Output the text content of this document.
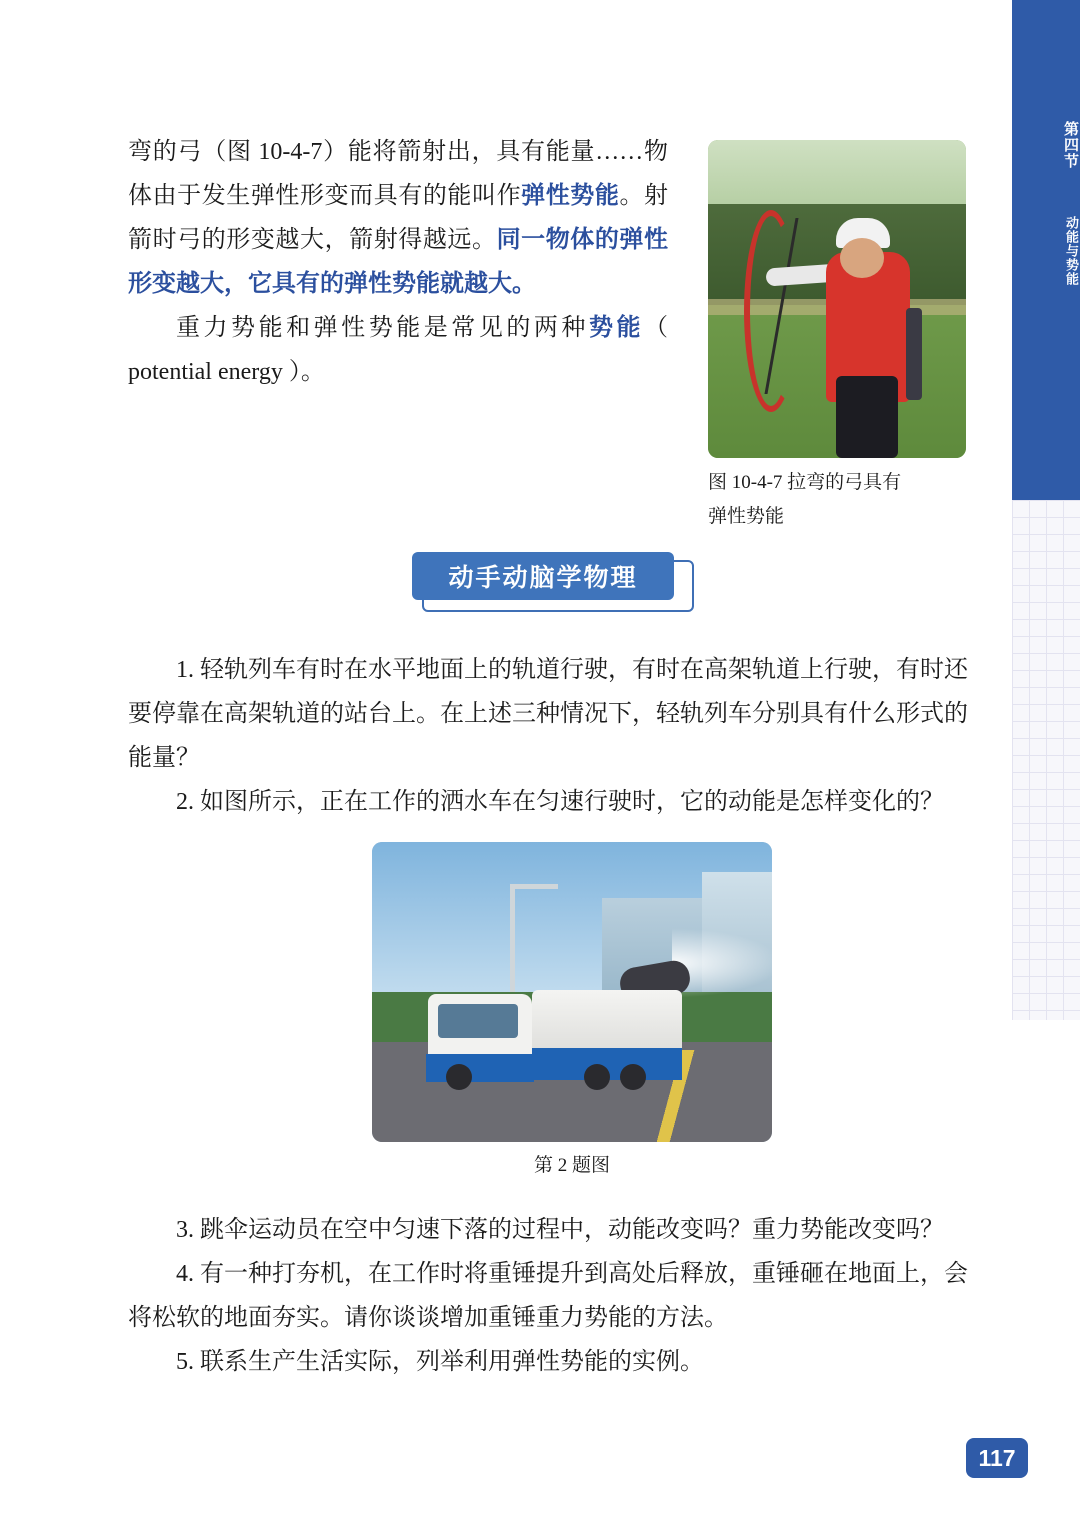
第四节
动能与势能

弯的弓（图 10-4-7）能将箭射出，具有能量……物体由于发生弹性形变而具有的能叫作弹性势能。射箭时弓的形变越大，箭射得越远。同一物体的弹性形变越大，它具有的弹性势能就越大。

重力势能和弹性势能是常见的两种势能（ potential energy ）。

图 10-4-7 拉弯的弓具有
弹性势能
动手动脑学物理

1. 轻轨列车有时在水平地面上的轨道行驶，有时在高架轨道上行驶，有时还要停靠在高架轨道的站台上。在上述三种情况下，轻轨列车分别具有什么形式的能量？

2. 如图所示，正在工作的洒水车在匀速行驶时，它的动能是怎样变化的？

第 2 题图

3. 跳伞运动员在空中匀速下落的过程中，动能改变吗？重力势能改变吗？

4. 有一种打夯机，在工作时将重锤提升到高处后释放，重锤砸在地面上，会将松软的地面夯实。请你谈谈增加重锤重力势能的方法。

5. 联系生产生活实际，列举利用弹性势能的实例。

117
